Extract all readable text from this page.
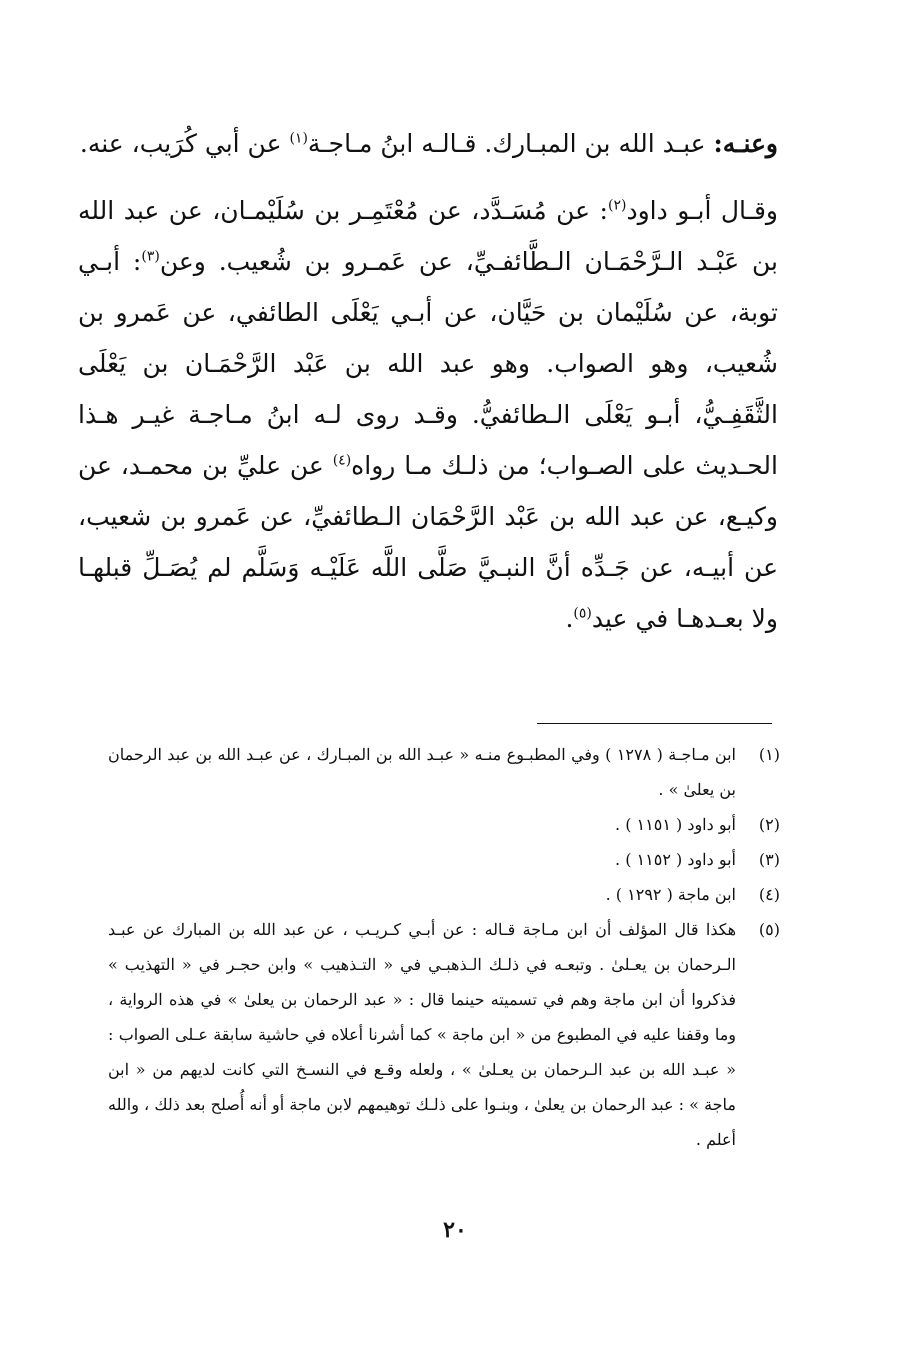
وعنـه: عبـد الله بن المبـارك. قـالـه ابنُ مـاجـة$^{(١)}$ عن أبي كُرَيب، عنه.

وقـال أبـو داود$^{(٢)}$: عن مُسَـدَّد، عن مُعْتَمِـر بن سُلَيْمـان، عن عبد الله بن عَبْـد الـرَّحْمَـان الـطَّائفـيِّ، عن عَمـرو بن شُعيب. وعن$^{(٣)}$: أبـي توبة، عن سُلَيْمان بن حَيَّان، عن أبـي يَعْلَى الطائفي، عن عَمرو بن شُعيب، وهو الصواب. وهو عبد الله بن عَبْد الرَّحْمَـان بن يَعْلَى الثَّقَفِـيُّ، أبـو يَعْلَى الـطائفيُّ. وقـد روى لـه ابنُ مـاجـة غيـر هـذا الحـديث على الصـواب؛ من ذلـك مـا رواه$^{(٤)}$ عن عليِّ بن محمـد، عن وكيـع، عن عبد الله بن عَبْد الرَّحْمَان الـطائفيِّ، عن عَمرو بن شعيب، عن أبيـه، عن جَـدِّه أنَّ النبـيَّ صَلَّى اللَّه عَلَيْـه وَسَلَّم لم يُصَـلِّ قبلهـا ولا بعـدهـا في عيد$^{(٥)}$.

(١)
ابن مـاجـة ( ١٢٧٨ ) وفي المطبـوع منـه « عبـد الله بن المبـارك ، عن عبـد الله بن عبد الرحمان بن يعلىٰ » .
(٢)
أبو داود ( ١١٥١ ) .
(٣)
أبو داود ( ١١٥٢ ) .
(٤)
ابن ماجة ( ١٢٩٢ ) .
(٥)
هكذا قال المؤلف أن ابن مـاجة قـاله : عن أبـي كـريـب ، عن عبد الله بن المبارك عن عبـد الـرحمان بن يعـلىٰ . وتبعـه في ذلـك الـذهبـي في « التـذهيب » وابن حجـر في « التهذيب » فذكروا أن ابن ماجة وهم في تسميته حينما قال : « عبد الرحمان بن يعلىٰ » في هذه الرواية ، وما وقفنا عليه في المطبوع من « ابن ماجة » كما أشرنا أعلاه في حاشية سابقة عـلى الصواب : « عبـد الله بن عبد الـرحمان بن يعـلىٰ » ، ولعله وقـع في النسـخ التي كانت لديهم من « ابن ماجة » : عبد الرحمان بن يعلىٰ ، وبنـوا على ذلـك توهيمهم لابن ماجة أو أنه أُصلح بعد ذلك ، والله أعلم .
٢٠
